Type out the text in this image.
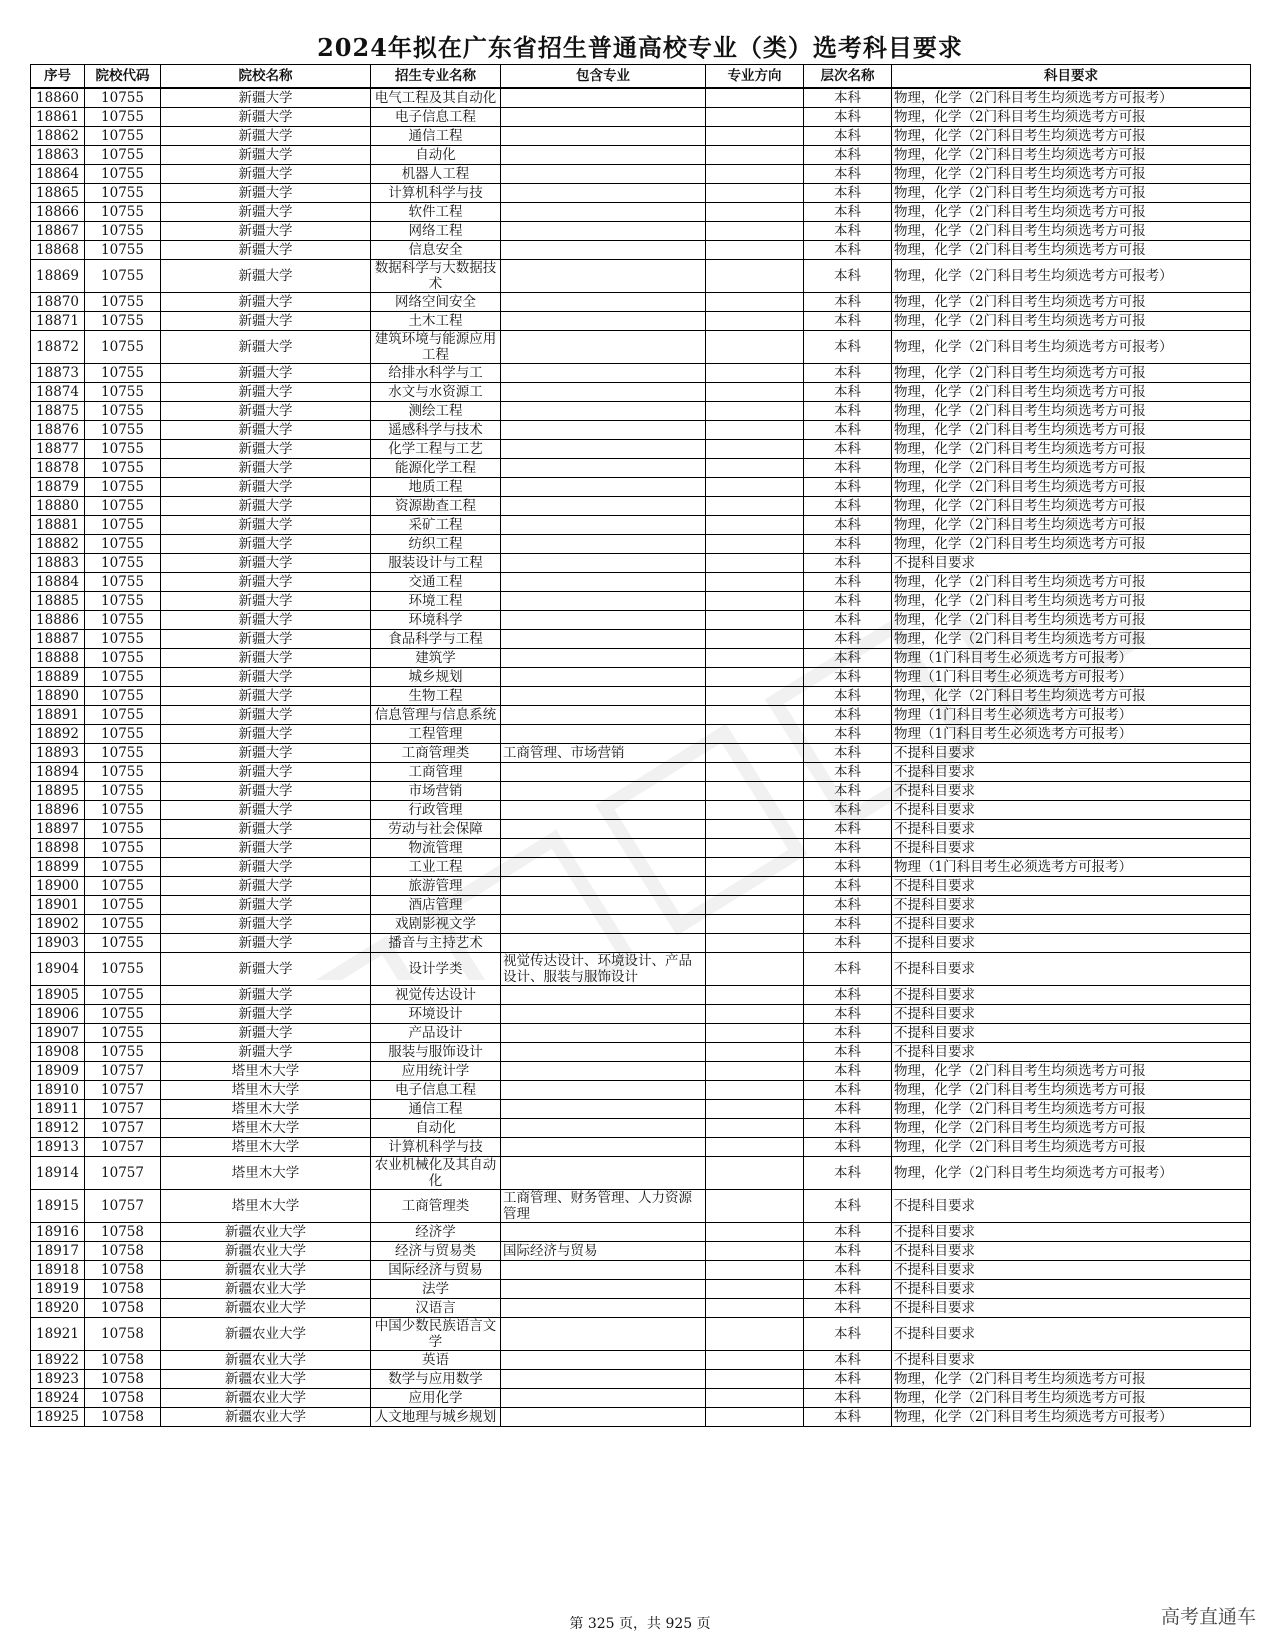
2024年拟在广东省招生普通高校专业（类）选考科目要求
序号	院校代码	院校名称	招生专业名称	包含专业	专业方向	层次名称	科目要求
18860	10755	新疆大学	电气工程及其自动化			本科	物理，化学（2门科目考生均须选考方可报考）
18861	10755	新疆大学	电子信息工程			本科	物理，化学（2门科目考生均须选考方可报
18862	10755	新疆大学	通信工程			本科	物理，化学（2门科目考生均须选考方可报
18863	10755	新疆大学	自动化			本科	物理，化学（2门科目考生均须选考方可报
18864	10755	新疆大学	机器人工程			本科	物理，化学（2门科目考生均须选考方可报
18865	10755	新疆大学	计算机科学与技			本科	物理，化学（2门科目考生均须选考方可报
18866	10755	新疆大学	软件工程			本科	物理，化学（2门科目考生均须选考方可报
18867	10755	新疆大学	网络工程			本科	物理，化学（2门科目考生均须选考方可报
18868	10755	新疆大学	信息安全			本科	物理，化学（2门科目考生均须选考方可报
18869	10755	新疆大学	数据科学与大数据技术			本科	物理，化学（2门科目考生均须选考方可报考）
18870	10755	新疆大学	网络空间安全			本科	物理，化学（2门科目考生均须选考方可报
18871	10755	新疆大学	土木工程			本科	物理，化学（2门科目考生均须选考方可报
18872	10755	新疆大学	建筑环境与能源应用工程			本科	物理，化学（2门科目考生均须选考方可报考）
18873	10755	新疆大学	给排水科学与工			本科	物理，化学（2门科目考生均须选考方可报
18874	10755	新疆大学	水文与水资源工			本科	物理，化学（2门科目考生均须选考方可报
18875	10755	新疆大学	测绘工程			本科	物理，化学（2门科目考生均须选考方可报
18876	10755	新疆大学	遥感科学与技术			本科	物理，化学（2门科目考生均须选考方可报
18877	10755	新疆大学	化学工程与工艺			本科	物理，化学（2门科目考生均须选考方可报
18878	10755	新疆大学	能源化学工程			本科	物理，化学（2门科目考生均须选考方可报
18879	10755	新疆大学	地质工程			本科	物理，化学（2门科目考生均须选考方可报
18880	10755	新疆大学	资源勘查工程			本科	物理，化学（2门科目考生均须选考方可报
18881	10755	新疆大学	采矿工程			本科	物理，化学（2门科目考生均须选考方可报
18882	10755	新疆大学	纺织工程			本科	物理，化学（2门科目考生均须选考方可报
18883	10755	新疆大学	服装设计与工程			本科	不提科目要求
18884	10755	新疆大学	交通工程			本科	物理，化学（2门科目考生均须选考方可报
18885	10755	新疆大学	环境工程			本科	物理，化学（2门科目考生均须选考方可报
18886	10755	新疆大学	环境科学			本科	物理，化学（2门科目考生均须选考方可报
18887	10755	新疆大学	食品科学与工程			本科	物理，化学（2门科目考生均须选考方可报
18888	10755	新疆大学	建筑学			本科	物理（1门科目考生必须选考方可报考）
18889	10755	新疆大学	城乡规划			本科	物理（1门科目考生必须选考方可报考）
18890	10755	新疆大学	生物工程			本科	物理，化学（2门科目考生均须选考方可报
18891	10755	新疆大学	信息管理与信息系统			本科	物理（1门科目考生必须选考方可报考）
18892	10755	新疆大学	工程管理			本科	物理（1门科目考生必须选考方可报考）
18893	10755	新疆大学	工商管理类	工商管理、市场营销		本科	不提科目要求
18894	10755	新疆大学	工商管理			本科	不提科目要求
18895	10755	新疆大学	市场营销			本科	不提科目要求
18896	10755	新疆大学	行政管理			本科	不提科目要求
18897	10755	新疆大学	劳动与社会保障			本科	不提科目要求
18898	10755	新疆大学	物流管理			本科	不提科目要求
18899	10755	新疆大学	工业工程			本科	物理（1门科目考生必须选考方可报考）
18900	10755	新疆大学	旅游管理			本科	不提科目要求
18901	10755	新疆大学	酒店管理			本科	不提科目要求
18902	10755	新疆大学	戏剧影视文学			本科	不提科目要求
18903	10755	新疆大学	播音与主持艺术			本科	不提科目要求
18904	10755	新疆大学	设计学类	视觉传达设计、环境设计、产品设计、服装与服饰设计		本科	不提科目要求
18905	10755	新疆大学	视觉传达设计			本科	不提科目要求
18906	10755	新疆大学	环境设计			本科	不提科目要求
18907	10755	新疆大学	产品设计			本科	不提科目要求
18908	10755	新疆大学	服装与服饰设计			本科	不提科目要求
18909	10757	塔里木大学	应用统计学			本科	物理，化学（2门科目考生均须选考方可报
18910	10757	塔里木大学	电子信息工程			本科	物理，化学（2门科目考生均须选考方可报
18911	10757	塔里木大学	通信工程			本科	物理，化学（2门科目考生均须选考方可报
18912	10757	塔里木大学	自动化			本科	物理，化学（2门科目考生均须选考方可报
18913	10757	塔里木大学	计算机科学与技			本科	物理，化学（2门科目考生均须选考方可报
18914	10757	塔里木大学	农业机械化及其自动化			本科	物理，化学（2门科目考生均须选考方可报考）
18915	10757	塔里木大学	工商管理类	工商管理、财务管理、人力资源管理		本科	不提科目要求
18916	10758	新疆农业大学	经济学			本科	不提科目要求
18917	10758	新疆农业大学	经济与贸易类	国际经济与贸易		本科	不提科目要求
18918	10758	新疆农业大学	国际经济与贸易			本科	不提科目要求
18919	10758	新疆农业大学	法学			本科	不提科目要求
18920	10758	新疆农业大学	汉语言			本科	不提科目要求
18921	10758	新疆农业大学	中国少数民族语言文学			本科	不提科目要求
18922	10758	新疆农业大学	英语			本科	不提科目要求
18923	10758	新疆农业大学	数学与应用数学			本科	物理，化学（2门科目考生均须选考方可报
18924	10758	新疆农业大学	应用化学			本科	物理，化学（2门科目考生均须选考方可报
18925	10758	新疆农业大学	人文地理与城乡规划			本科	物理，化学（2门科目考生均须选考方可报考）
第 325 页，共 925 页	高考直通车
